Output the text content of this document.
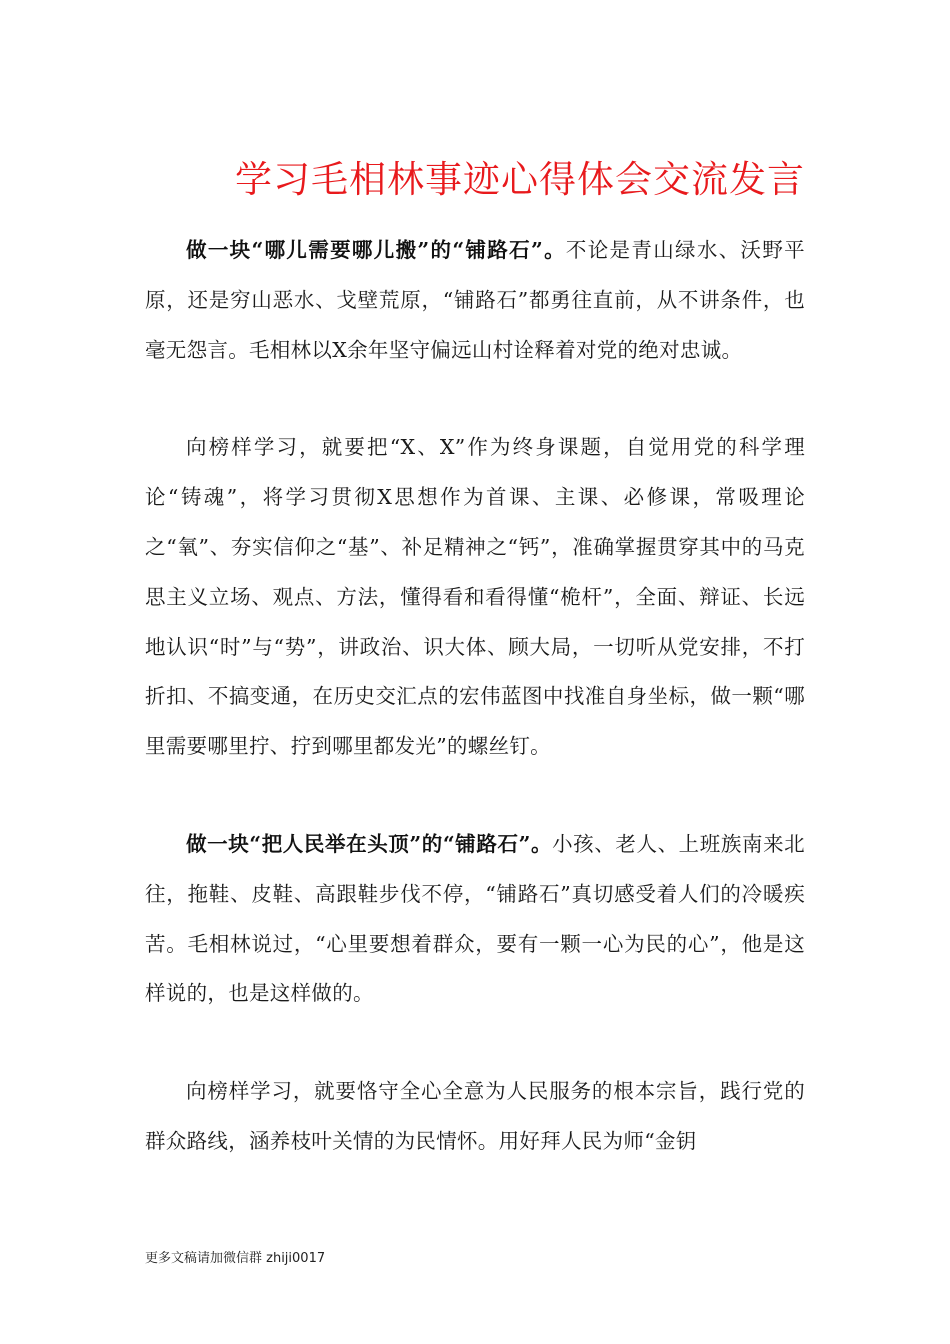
学习毛相林事迹心得体会交流发言

做一块“哪儿需要哪儿搬”的“铺路石”。不论是青山绿水、沃野平原，还是穷山恶水、戈壁荒原，“铺路石”都勇往直前，从不讲条件，也毫无怨言。毛相林以X余年坚守偏远山村诠释着对党的绝对忠诚。

向榜样学习，就要把“X、X”作为终身课题，自觉用党的科学理论“铸魂”，将学习贯彻X思想作为首课、主课、必修课，常吸理论之“氧”、夯实信仰之“基”、补足精神之“钙”，准确掌握贯穿其中的马克思主义立场、观点、方法，懂得看和看得懂“桅杆”，全面、辩证、长远地认识“时”与“势”，讲政治、识大体、顾大局，一切听从党安排，不打折扣、不搞变通，在历史交汇点的宏伟蓝图中找准自身坐标，做一颗“哪里需要哪里拧、拧到哪里都发光”的螺丝钉。

做一块“把人民举在头顶”的“铺路石”。小孩、老人、上班族南来北往，拖鞋、皮鞋、高跟鞋步伐不停，“铺路石”真切感受着人们的冷暖疾苦。毛相林说过，“心里要想着群众，要有一颗一心为民的心”，他是这样说的，也是这样做的。

向榜样学习，就要恪守全心全意为人民服务的根本宗旨，践行党的群众路线，涵养枝叶关情的为民情怀。用好拜人民为师“金钥

更多文稿请加微信群 zhiji0017
